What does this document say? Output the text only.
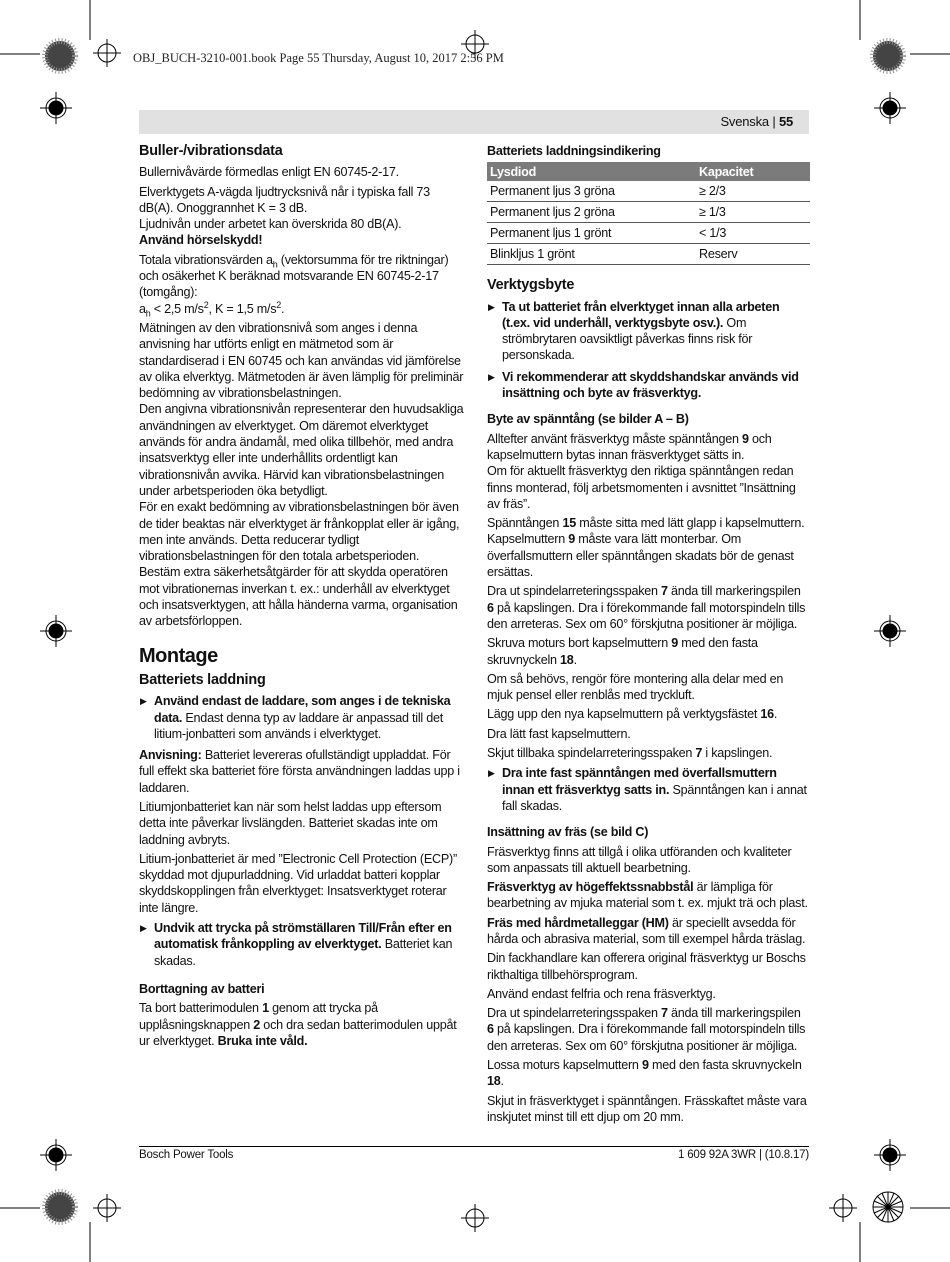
OBJ_BUCH-3210-001.book Page 55 Thursday, August 10, 2017 2:56 PM
Svenska | 55
Buller-/vibrationsdata

Bullernivåvärde förmedlas enligt EN 60745-2-17.

Elverktygets A-vägda ljudtrycksnivå når i typiska fall 73 dB(A). Onoggrannhet K = 3 dB.

Ljudnivån under arbetet kan överskrida 80 dB(A).

Använd hörselskydd!

Totala vibrationsvärden $a_h$ (vektorsumma för tre riktningar) och osäkerhet K beräknad motsvarande EN 60745-2-17 (tomgång):

$a_h < 2,5$ $m/s^2$, K = 1,5 $m/s^2$.

Mätningen av den vibrationsnivå som anges i denna anvisning har utförts enligt en mätmetod som är standardiserad i EN 60745 och kan användas vid jämförelse av olika elverktyg. Mätmetoden är även lämplig för preliminär bedömning av vibrationsbelastningen.

Den angivna vibrationsnivån representerar den huvudsakliga användningen av elverktyget. Om däremot elverktyget används för andra ändamål, med olika tillbehör, med andra insatsverktyg eller inte underhållits ordentligt kan vibrationsnivån avvika. Härvid kan vibrationsbelastningen under arbetsperioden öka betydligt.

För en exakt bedömning av vibrationsbelastningen bör även de tider beaktas när elverktyget är frånkopplat eller är igång, men inte används. Detta reducerar tydligt vibrationsbelastningen för den totala arbetsperioden.

Bestäm extra säkerhetsåtgärder för att skydda operatören mot vibrationernas inverkan t. ex.: underhåll av elverktyget och insatsverktygen, att hålla händerna varma, organisation av arbetsförloppen.

Montage
Batteriets laddning
▶ Använd endast de laddare, som anges i de tekniska data. Endast denna typ av laddare är anpassad till det litium-jonbatteri som används i elverktyget.

Anvisning: Batteriet levereras ofullständigt uppladdat. För full effekt ska batteriet före första användningen laddas upp i laddaren.

Litiumjonbatteriet kan när som helst laddas upp eftersom detta inte påverkar livslängden. Batteriet skadas inte om laddning avbryts.

Litium-jonbatteriet är med ”Electronic Cell Protection (ECP)” skyddad mot djupurladdning. Vid urladdat batteri kopplar skyddskopplingen från elverktyget: Insatsverktyget roterar inte längre.

▶ Undvik att trycka på strömställaren Till/Från efter en automatisk frånkoppling av elverktyget. Batteriet kan skadas.
Borttagning av batteri

Ta bort batterimodulen 1 genom att trycka på upplåsningsknappen 2 och dra sedan batterimodulen uppåt ur elverktyget. Bruka inte våld.

Batteriets laddningsindikering
Lysdiod	Kapacitet
Permanent ljus 3 gröna	≥ 2/3
Permanent ljus 2 gröna	≥ 1/3
Permanent ljus 1 grönt	< 1/3
Blinkljus 1 grönt	Reserv
Verktygsbyte
▶ Ta ut batteriet från elverktyget innan alla arbeten (t.ex. vid underhåll, verktygsbyte osv.). Om strömbrytaren oavsiktligt påverkas finns risk för personskada.
▶ Vi rekommenderar att skyddshandskar används vid insättning och byte av fräsverktyg.
Byte av spänntång (se bilder A – B)

Alltefter använt fräsverktyg måste spänntången 9 och kapselmuttern bytas innan fräsverktyget sätts in.

Om för aktuellt fräsverktyg den riktiga spänntången redan finns monterad, följ arbetsmomenten i avsnittet ”Insättning av fräs”.

Spänntången 15 måste sitta med lätt glapp i kapselmuttern. Kapselmuttern 9 måste vara lätt monterbar. Om överfallsmuttern eller spänntången skadats bör de genast ersättas.

Dra ut spindelarreteringsspaken 7 ända till markeringspilen 6 på kapslingen. Dra i förekommande fall motorspindeln tills den arreteras. Sex om 60° förskjutna positioner är möjliga.

Skruva moturs bort kapselmuttern 9 med den fasta skruvnyckeln 18.

Om så behövs, rengör före montering alla delar med en mjuk pensel eller renblås med tryckluft.

Lägg upp den nya kapselmuttern på verktygsfästet 16.

Dra lätt fast kapselmuttern.

Skjut tillbaka spindelarreteringsspaken 7 i kapslingen.

▶ Dra inte fast spänntången med överfallsmuttern innan ett fräsverktyg satts in. Spänntången kan i annat fall skadas.
Insättning av fräs (se bild C)

Fräsverktyg finns att tillgå i olika utföranden och kvaliteter som anpassats till aktuell bearbetning.

Fräsverktyg av högeffektssnabbstål är lämpliga för bearbetning av mjuka material som t. ex. mjukt trä och plast.

Fräs med hårdmetalleggar (HM) är speciellt avsedda för hårda och abrasiva material, som till exempel hårda träslag.

Din fackhandlare kan offerera original fräsverktyg ur Boschs rikthaltiga tillbehörsprogram.

Använd endast felfria och rena fräsverktyg.

Dra ut spindelarreteringsspaken 7 ända till markeringspilen 6 på kapslingen. Dra i förekommande fall motorspindeln tills den arreteras. Sex om 60° förskjutna positioner är möjliga.

Lossa moturs kapselmuttern 9 med den fasta skruvnyckeln 18.

Skjut in fräsverktyget i spänntången. Frässkaftet måste vara inskjutet minst till ett djup om 20 mm.

Bosch Power Tools	1 609 92A 3WR | (10.8.17)
